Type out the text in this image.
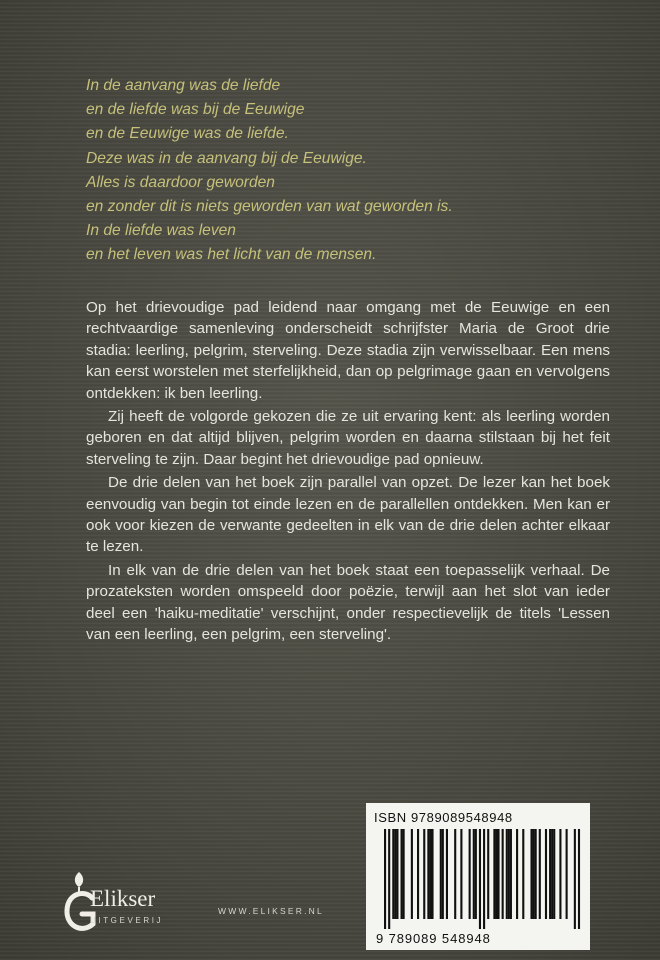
In de aanvang was de liefde
en de liefde was bij de Eeuwige
en de Eeuwige was de liefde.
Deze was in de aanvang bij de Eeuwige.
Alles is daardoor geworden
en zonder dit is niets geworden van wat geworden is.
In de liefde was leven
en het leven was het licht van de mensen.

Op het drievoudige pad leidend naar omgang met de Eeuwige en een rechtvaardige samenleving onderscheidt schrijfster Maria de Groot drie stadia: leerling, pelgrim, sterveling. Deze stadia zijn verwisselbaar. Een mens kan eerst worstelen met sterfelijkheid, dan op pelgrimage gaan en vervolgens ontdekken: ik ben leerling.

Zij heeft de volgorde gekozen die ze uit ervaring kent: als leerling worden geboren en dat altijd blijven, pelgrim worden en daarna stilstaan bij het feit sterveling te zijn. Daar begint het drievoudige pad opnieuw.

De drie delen van het boek zijn parallel van opzet. De lezer kan het boek eenvoudig van begin tot einde lezen en de parallellen ontdekken. Men kan er ook voor kiezen de verwante gedeelten in elk van de drie delen achter elkaar te lezen.

In elk van de drie delen van het boek staat een toepasselijk verhaal. De prozateksten worden omspeeld door poëzie, terwijl aan het slot van ieder deel een 'haiku-meditatie' verschijnt, onder respectievelijk de titels 'Lessen van een leerling, een pelgrim, een sterveling'.

Elikser
UITGEVERIJ
WWW.ELIKSER.NL
ISBN 9789089548948
9 789089 548948
